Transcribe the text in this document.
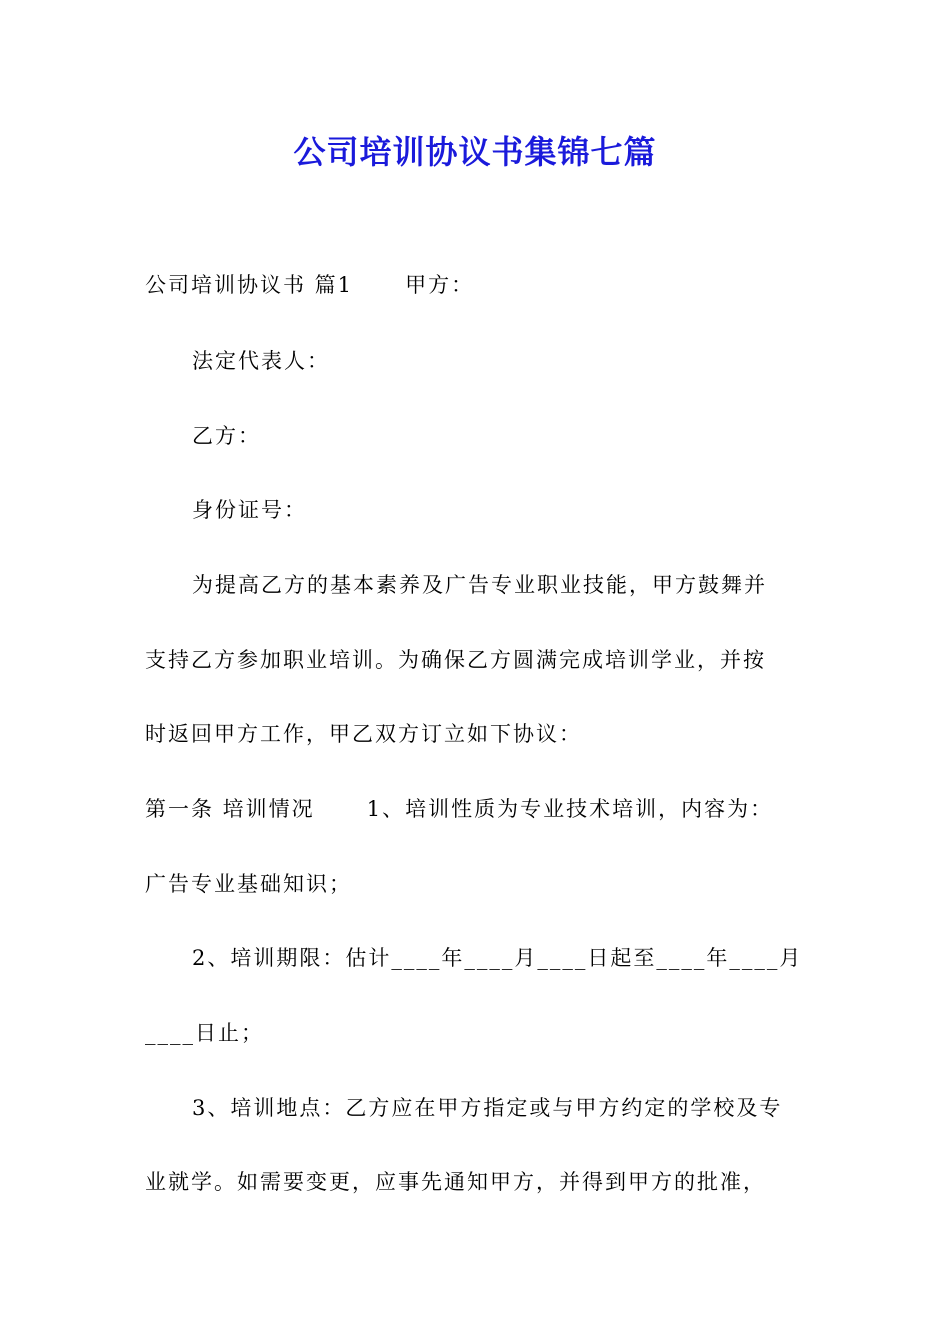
公司培训协议书集锦七篇
公司培训协议书 篇1      甲方：
法定代表人：
乙方：
身份证号：
为提高乙方的基本素养及广告专业职业技能，甲方鼓舞并
支持乙方参加职业培训。为确保乙方圆满完成培训学业，并按
时返回甲方工作，甲乙双方订立如下协议：
第一条 培训情况      1、培训性质为专业技术培训，内容为：
广告专业基础知识；
2、培训期限：估计____年____月____日起至____年____月
____日止；
3、培训地点：乙方应在甲方指定或与甲方约定的学校及专
业就学。如需要变更，应事先通知甲方，并得到甲方的批准，
